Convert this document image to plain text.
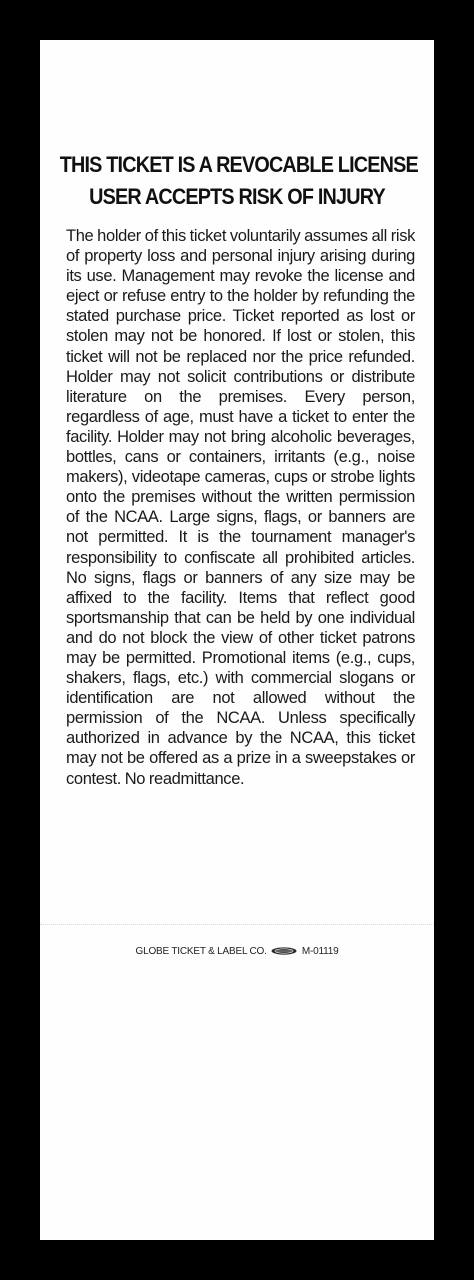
THIS TICKET IS A REVOCABLE LICENSE
USER ACCEPTS RISK OF INJURY
The holder of this ticket voluntarily assumes all risk of property loss and personal injury arising during its use. Management may revoke the license and eject or refuse entry to the holder by refunding the stated purchase price. Ticket reported as lost or stolen may not be honored. If lost or stolen, this ticket will not be replaced nor the price refunded. Holder may not solicit contributions or distribute literature on the premises. Every person, regardless of age, must have a ticket to enter the facility. Holder may not bring alcoholic beverages, bottles, cans or containers, irritants (e.g., noise makers), videotape cameras, cups or strobe lights onto the premises without the written permission of the NCAA. Large signs, flags, or banners are not permitted. It is the tournament manager's responsibility to confiscate all prohibited articles. No signs, flags or banners of any size may be affixed to the facility. Items that reflect good sportsmanship that can be held by one individual and do not block the view of other ticket patrons may be permitted. Promotional items (e.g., cups, shakers, flags, etc.) with commercial slogans or identification are not allowed without the permission of the NCAA. Unless specifically authorized in advance by the NCAA, this ticket may not be offered as a prize in a sweepstakes or contest. No readmittance.
GLOBE TICKET & LABEL CO.	M-01119
